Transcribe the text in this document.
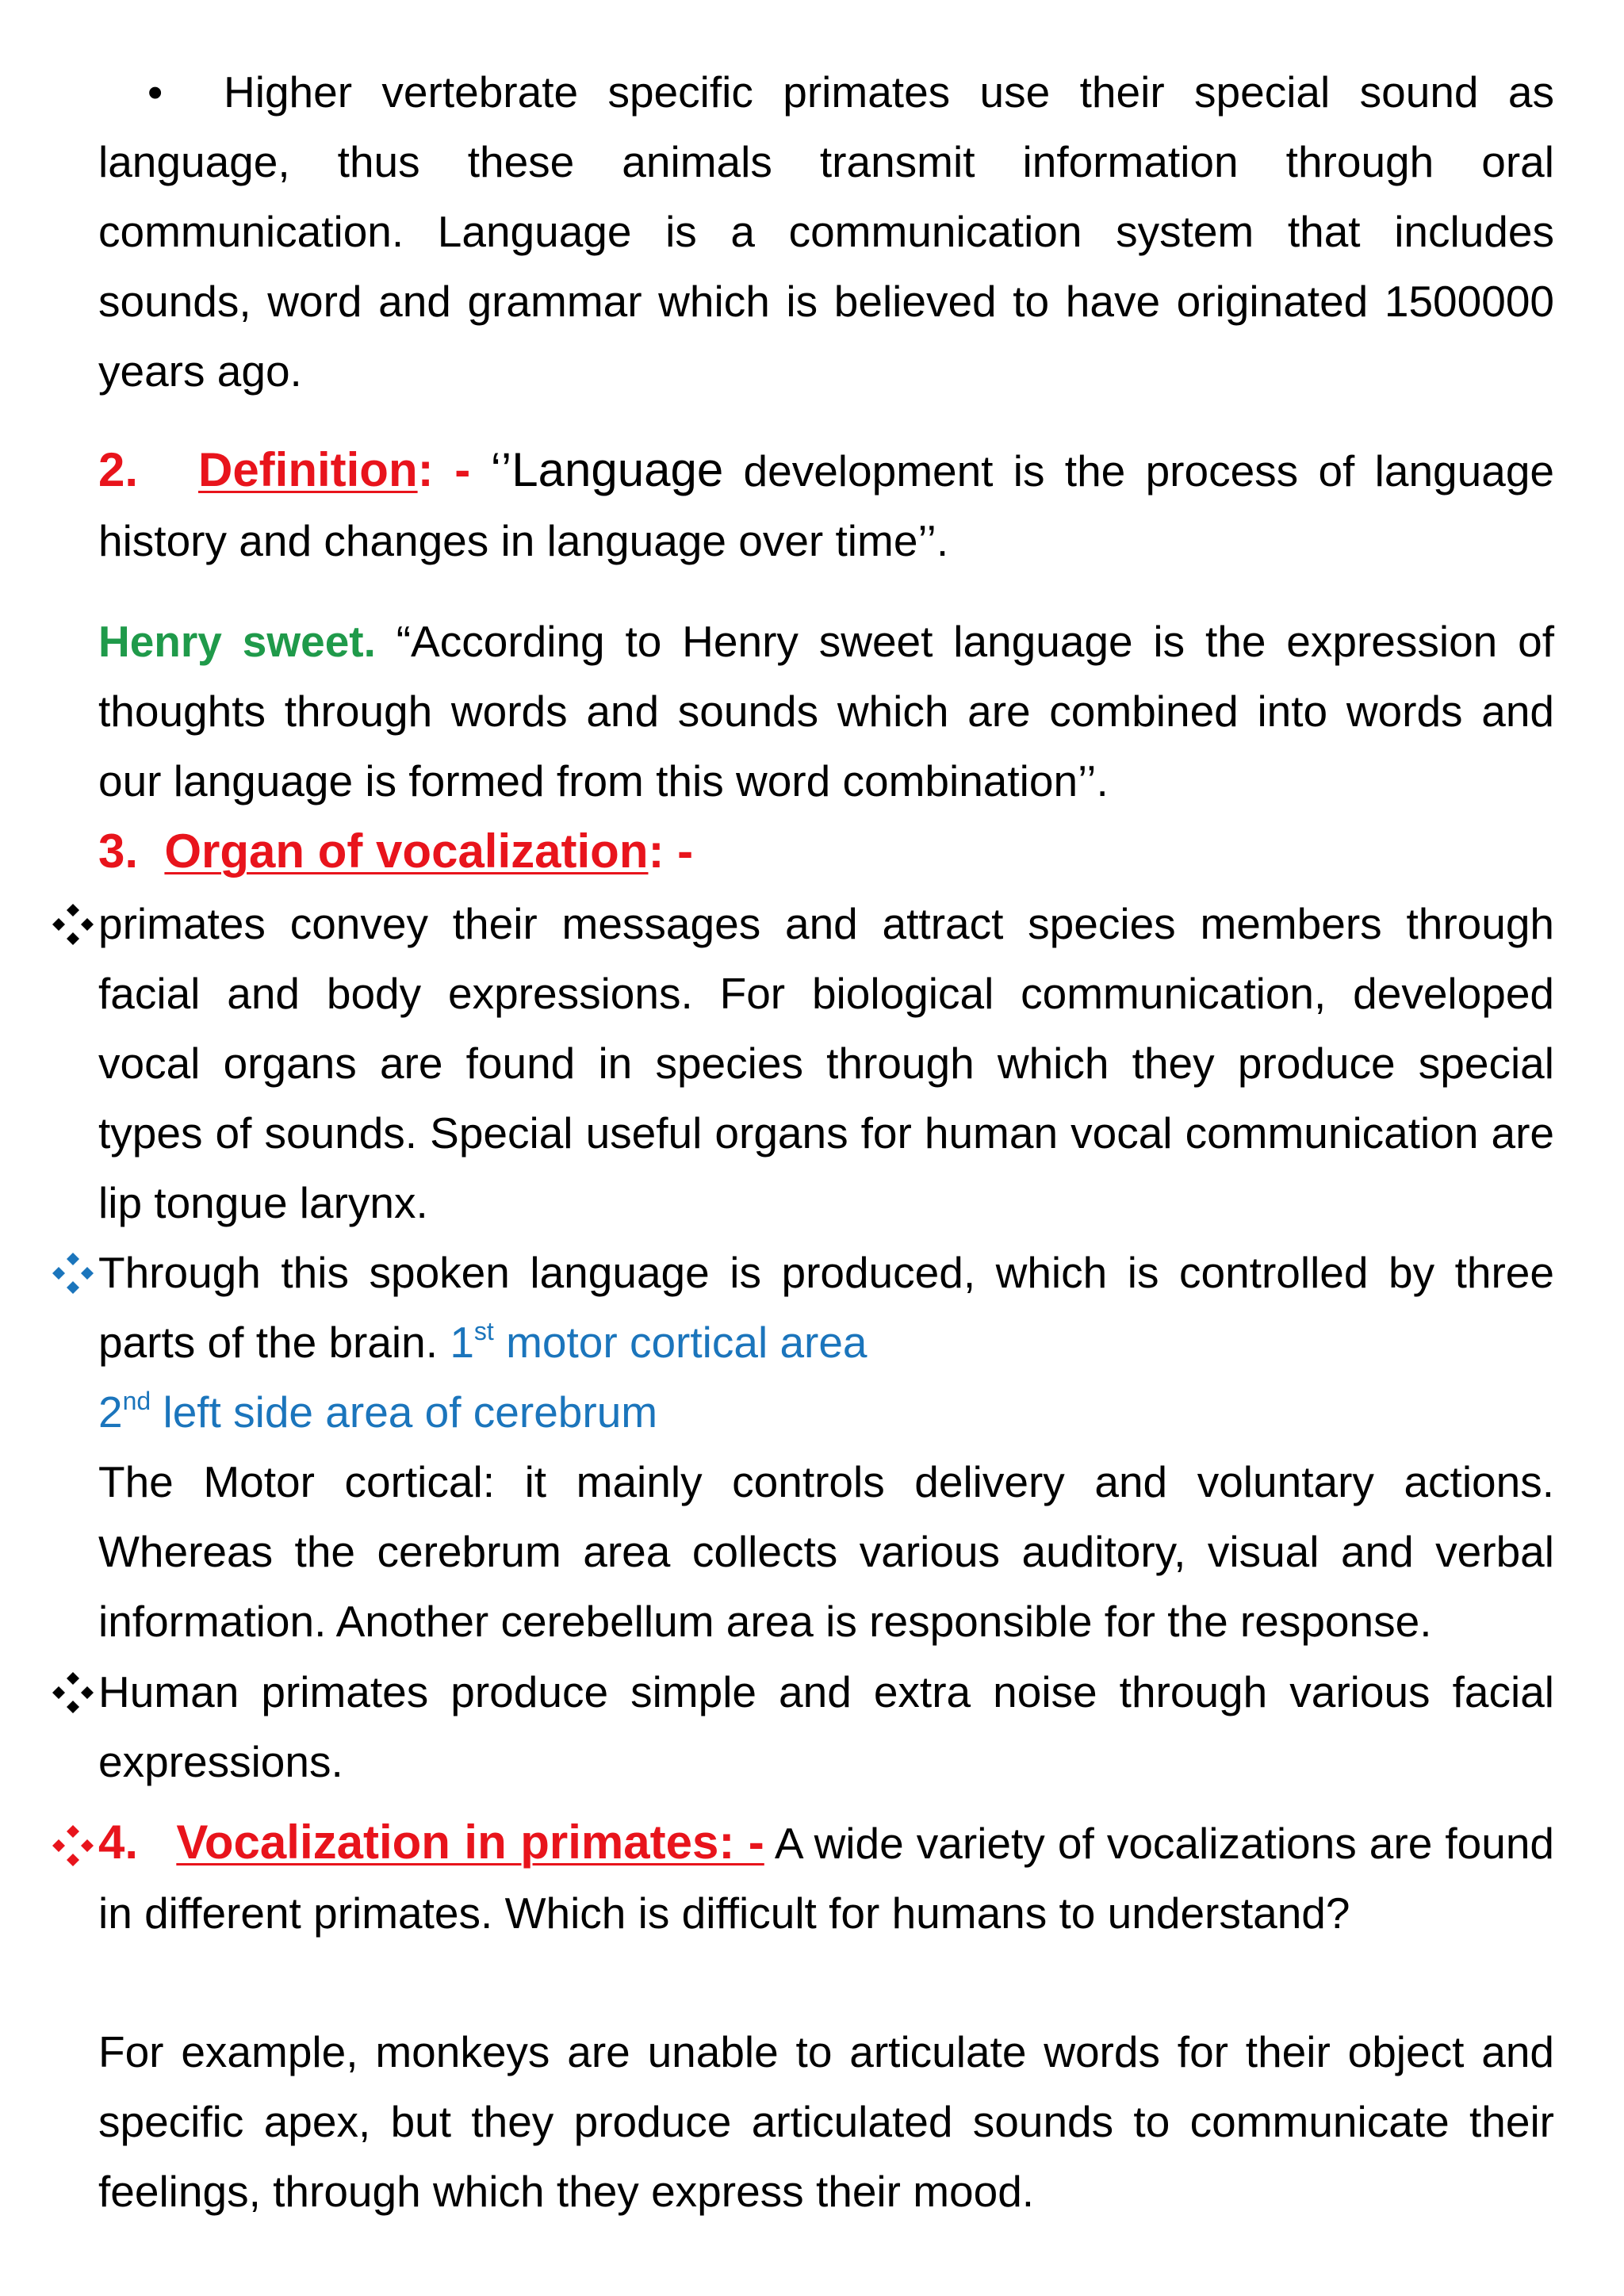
• Higher vertebrate specific primates use their special sound as language, thus these animals transmit information through oral communication. Language is a communication system that includes sounds, word and grammar which is believed to have originated 1500000 years ago.

2. Definition: - ‘’Language development is the process of language history and changes in language over time’’.

Henry sweet. “According to Henry sweet language is the expression of thoughts through words and sounds which are combined into words and our language is formed from this word combination’’.

3. Organ of vocalization: -

primates convey their messages and attract species members through facial and body expressions. For biological communication, developed vocal organs are found in species through which they produce special types of sounds. Special useful organs for human vocal communication are lip tongue larynx.

Through this spoken language is produced, which is controlled by three parts of the brain. 1st motor cortical area

2nd left side area of cerebrum

The Motor cortical: it mainly controls delivery and voluntary actions. Whereas the cerebrum area collects various auditory, visual and verbal information. Another cerebellum area is responsible for the response.

Human primates produce simple and extra noise through various facial expressions.

4. Vocalization in primates: - A wide variety of vocalizations are found in different primates. Which is difficult for humans to understand?

For example, monkeys are unable to articulate words for their object and specific apex, but they produce articulated sounds to communicate their feelings, through which they express their mood.
